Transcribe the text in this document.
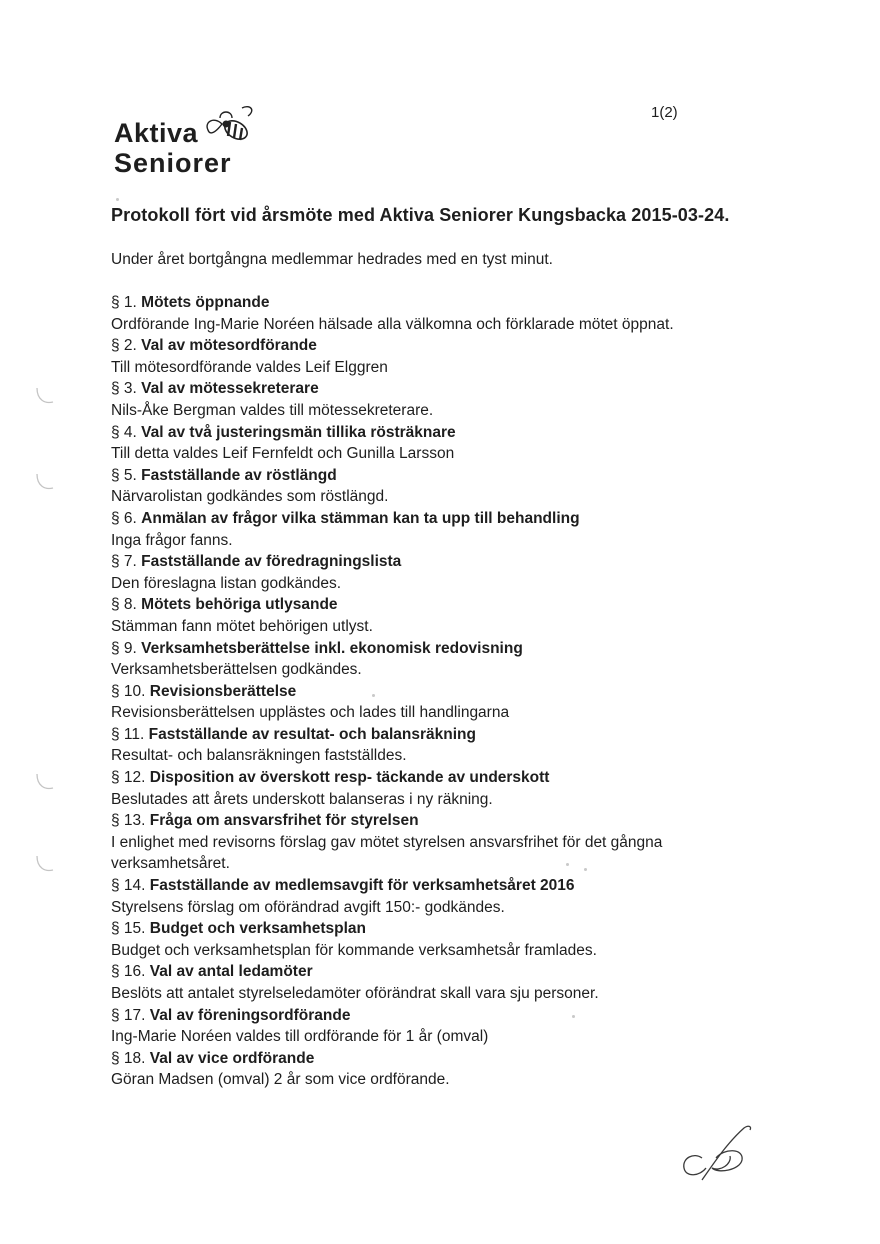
Aktiva
Seniorer
1(2)
Protokoll fört vid årsmöte med Aktiva Seniorer Kungsbacka 2015-03-24.
Under året bortgångna medlemmar hedrades med en tyst minut.
§ 1. Mötets öppnande
Ordförande Ing-Marie Noréen hälsade alla välkomna och förklarade mötet öppnat.
§ 2. Val av mötesordförande
Till mötesordförande valdes Leif Elggren
§ 3. Val av mötessekreterare
Nils-Åke Bergman valdes till mötessekreterare.
§ 4. Val av två justeringsmän tillika rösträknare
Till detta valdes Leif Fernfeldt och Gunilla Larsson
§ 5. Fastställande av röstlängd
Närvarolistan godkändes som röstlängd.
§ 6. Anmälan av frågor vilka stämman kan ta upp till behandling
Inga frågor fanns.
§ 7. Fastställande av föredragningslista
Den föreslagna listan godkändes.
§ 8. Mötets behöriga utlysande
Stämman fann mötet behörigen utlyst.
§ 9. Verksamhetsberättelse inkl. ekonomisk redovisning
Verksamhetsberättelsen godkändes.
§ 10. Revisionsberättelse
Revisionsberättelsen upplästes och lades till handlingarna
§ 11. Fastställande av resultat- och balansräkning
Resultat- och balansräkningen fastställdes.
§ 12. Disposition av överskott resp- täckande av underskott
Beslutades att årets underskott balanseras i ny räkning.
§ 13. Fråga om ansvarsfrihet för styrelsen
I enlighet med revisorns förslag gav mötet styrelsen ansvarsfrihet för det gångna
verksamhetsåret.
§ 14. Fastställande av medlemsavgift för verksamhetsåret 2016
Styrelsens förslag om oförändrad avgift 150:- godkändes.
§ 15. Budget och verksamhetsplan
Budget och verksamhetsplan för kommande verksamhetsår framlades.
§ 16. Val av antal ledamöter
Beslöts att antalet styrelseledamöter oförändrat skall vara sju personer.
§ 17. Val av föreningsordförande
Ing-Marie Noréen valdes till ordförande för 1 år (omval)
§ 18. Val av vice ordförande
Göran Madsen (omval) 2 år som vice ordförande.
